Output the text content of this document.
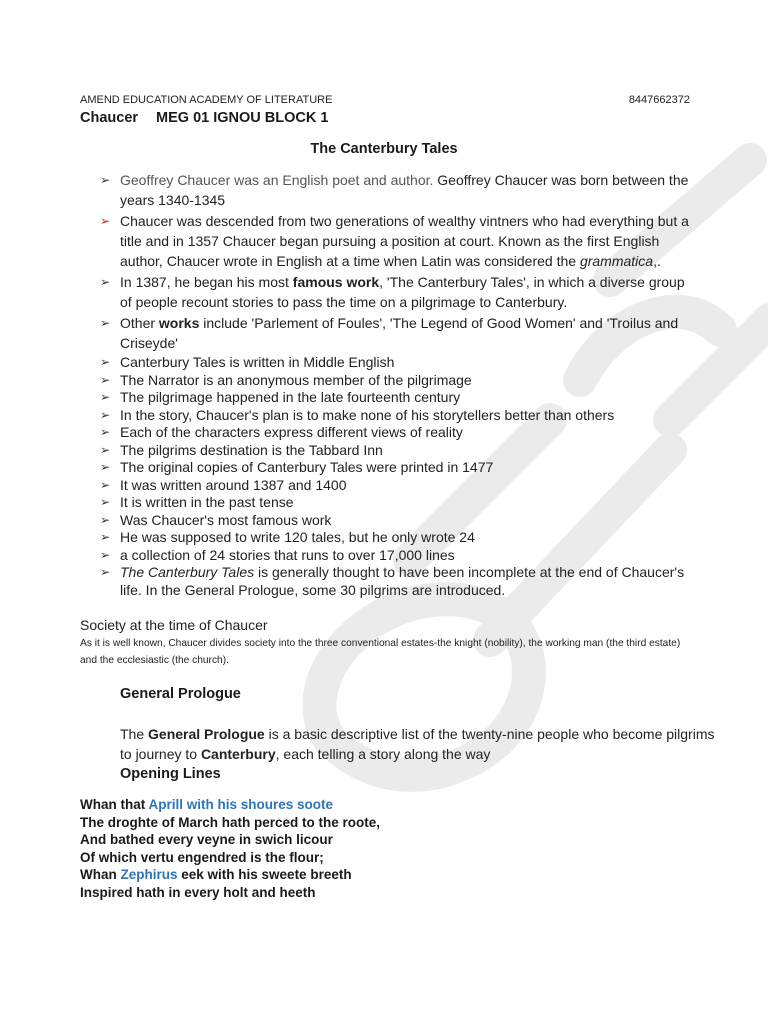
AMEND EDUCATION ACADEMY OF LITERATURE	8447662372
Chaucer MEG 01 IGNOU BLOCK 1
The Canterbury Tales
➢ Geoffrey Chaucer was an English poet and author. Geoffrey Chaucer was born between the years 1340-1345
➢ Chaucer was descended from two generations of wealthy vintners who had everything but a title and in 1357 Chaucer began pursuing a position at court. Known as the first English author, Chaucer wrote in English at a time when Latin was considered the grammatica,.
➢ In 1387, he began his most famous work, 'The Canterbury Tales', in which a diverse group of people recount stories to pass the time on a pilgrimage to Canterbury.
➢ Other works include 'Parlement of Foules', 'The Legend of Good Women' and 'Troilus and Criseyde'
➢ Canterbury Tales is written in Middle English
➢ The Narrator is an anonymous member of the pilgrimage
➢ The pilgrimage happened in the late fourteenth century
➢ In the story, Chaucer's plan is to make none of his storytellers better than others
➢ Each of the characters express different views of reality
➢ The pilgrims destination is the Tabbard Inn
➢ The original copies of Canterbury Tales were printed in 1477
➢ It was written around 1387 and 1400
➢ It is written in the past tense
➢ Was Chaucer's most famous work
➢ He was supposed to write 120 tales, but he only wrote 24
➢ a collection of 24 stories that runs to over 17,000 lines
➢ The Canterbury Tales is generally thought to have been incomplete at the end of Chaucer's life. In the General Prologue, some 30 pilgrims are introduced.
Society at the time of Chaucer
As it is well known, Chaucer divides society into the three conventional estates-the knight (nobility), the working man (the third estate) and the ecclesiastic (the church).
General Prologue
The General Prologue is a basic descriptive list of the twenty-nine people who become pilgrims to journey to Canterbury, each telling a story along the way
Opening Lines
Whan that Aprill with his shoures soote
The droghte of March hath perced to the roote,
And bathed every veyne in swich licour
Of which vertu engendred is the flour;
Whan Zephirus eek with his sweete breeth
Inspired hath in every holt and heeth
